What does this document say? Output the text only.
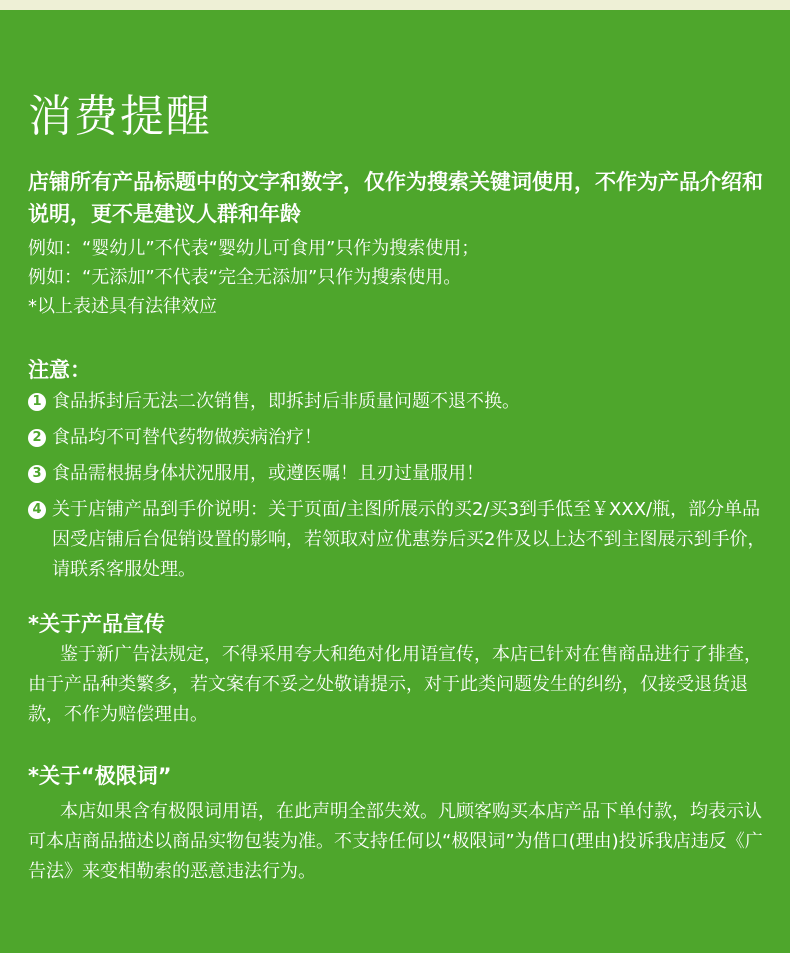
消费提醒
店铺所有产品标题中的文字和数字，仅作为搜索关键词使用，不作为产品介绍和说明，更不是建议人群和年龄
例如：“婴幼儿”不代表“婴幼儿可食用”只作为搜索使用；
例如：“无添加”不代表“完全无添加”只作为搜索使用。
*以上表述具有法律效应
注意：
1 食品拆封后无法二次销售，即拆封后非质量问题不退不换。
2 食品均不可替代药物做疾病治疗！
3 食品需根据身体状况服用，或遵医嘱！且刃过量服用！
4 关于店铺产品到手价说明：关于页面/主图所展示的买2/买3到手低至￥XXX/瓶，部分单品因受店铺后台促销设置的影响，若领取对应优惠券后买2件及以上达不到主图展示到手价，请联系客服处理。
*关于产品宣传
鉴于新广告法规定，不得采用夸大和绝对化用语宣传，本店已针对在售商品进行了排查，由于产品种类繁多，若文案有不妥之处敬请提示，对于此类问题发生的纠纷，仅接受退货退款，不作为赔偿理由。
*关于“极限词”
本店如果含有极限词用语，在此声明全部失效。凡顾客购买本店产品下单付款，均表示认可本店商品描述以商品实物包装为准。不支持任何以“极限词”为借口(理由)投诉我店违反《广告法》来变相勒索的恶意违法行为。
